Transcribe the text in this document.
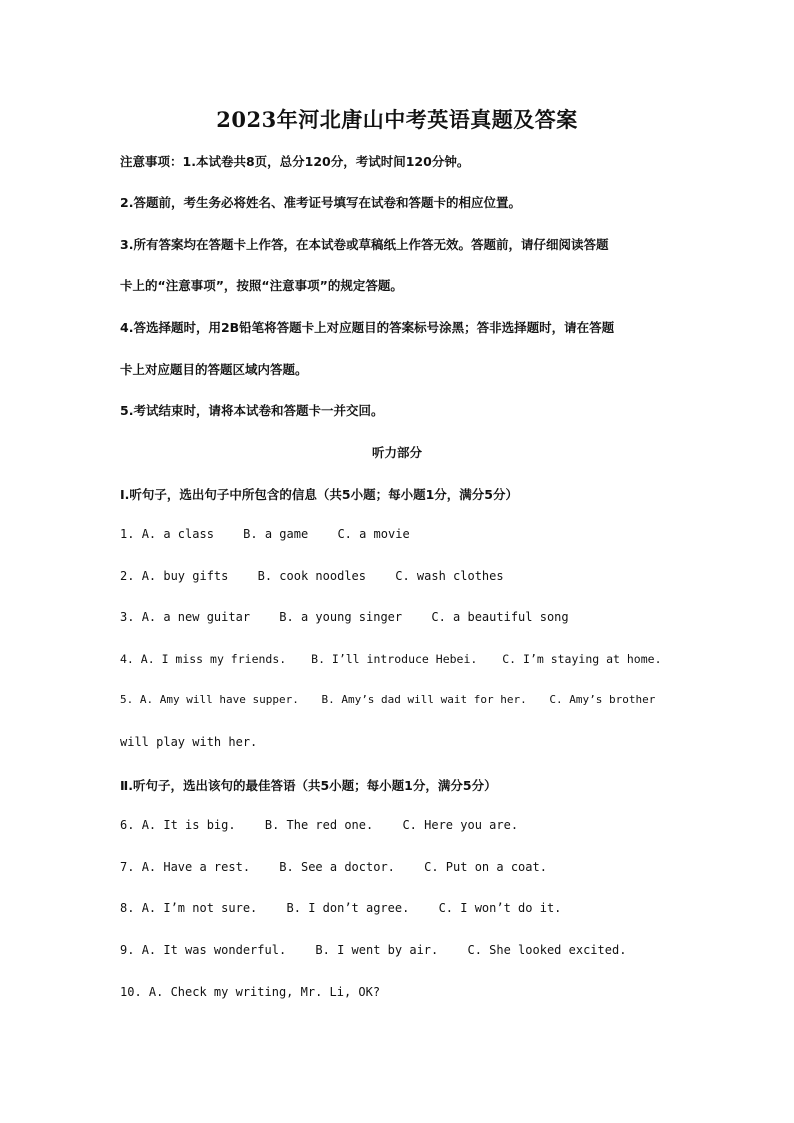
2023年河北唐山中考英语真题及答案
注意事项：1.本试卷共8页，总分120分，考试时间120分钟。
2.答题前，考生务必将姓名、准考证号填写在试卷和答题卡的相应位置。
3.所有答案均在答题卡上作答，在本试卷或草稿纸上作答无效。答题前，请仔细阅读答题
卡上的“注意事项”，按照“注意事项”的规定答题。
4.答选择题时，用2B铅笔将答题卡上对应题目的答案标号涂黑；答非选择题时，请在答题
卡上对应题目的答题区域内答题。
5.考试结束时，请将本试卷和答题卡一并交回。
听力部分
Ⅰ.听句子，选出句子中所包含的信息（共5小题；每小题1分，满分5分）
1. A. a class B. a game C. a movie
2. A. buy gifts B. cook noodles C. wash clothes
3. A. a new guitar B. a young singer C. a beautiful song
4. A. I miss my friends. B. I’ll introduce Hebei. C. I’m staying at home.
5. A. Amy will have supper. B. Amy’s dad will wait for her. C. Amy’s brother
will play with her.
Ⅱ.听句子，选出该句的最佳答语（共5小题；每小题1分，满分5分）
6. A. It is big. B. The red one. C. Here you are.
7. A. Have a rest. B. See a doctor. C. Put on a coat.
8. A. I’m not sure. B. I don’t agree. C. I won’t do it.
9. A. It was wonderful. B. I went by air. C. She looked excited.
10. A. Check my writing, Mr. Li, OK?
